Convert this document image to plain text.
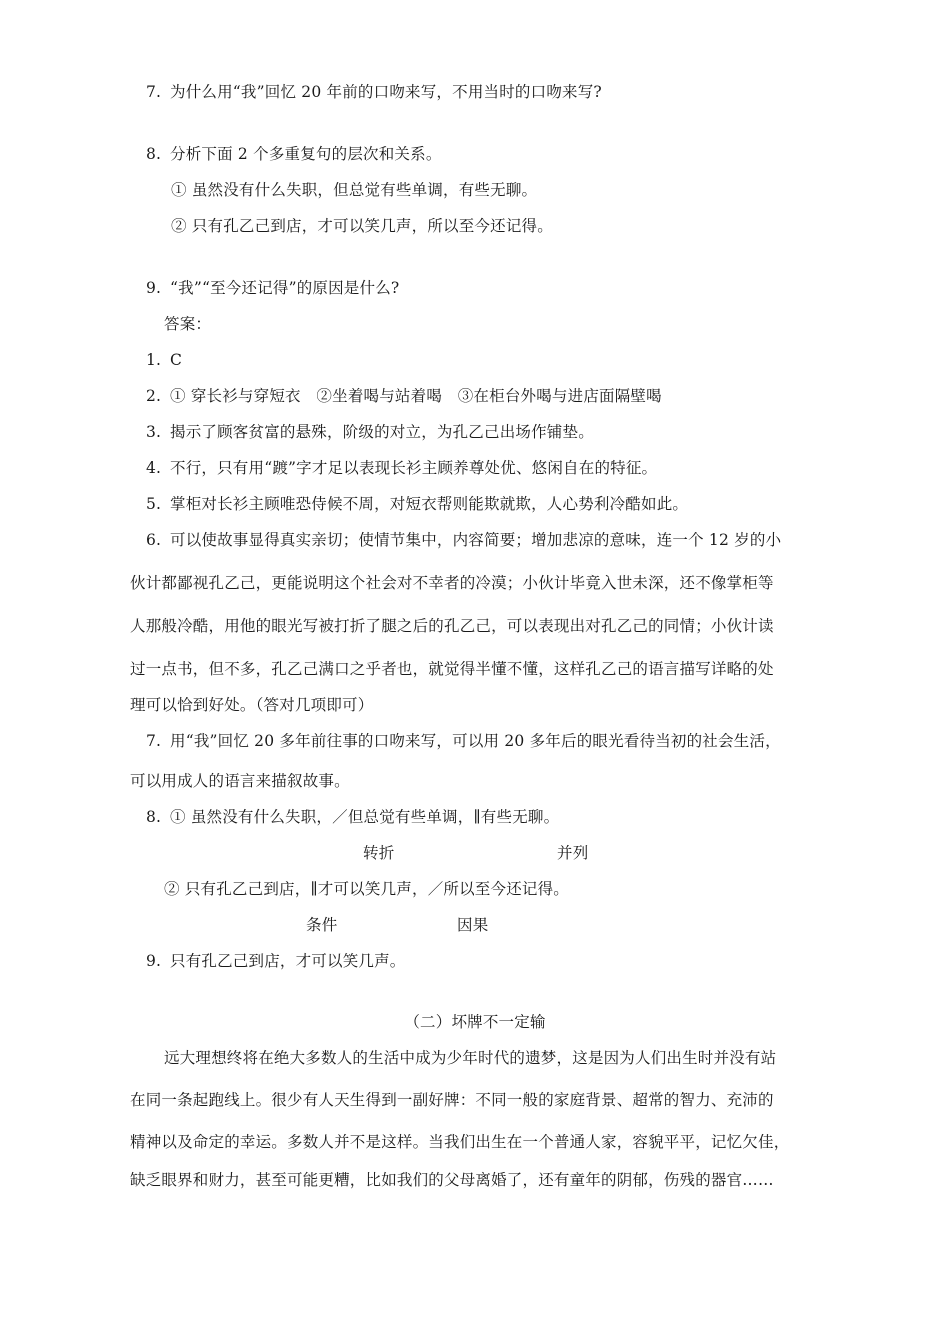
7. 为什么用“我”回忆 20 年前的口吻来写，不用当时的口吻来写?
8. 分析下面 2 个多重复句的层次和关系。
① 虽然没有什么失职，但总觉有些单调，有些无聊。
② 只有孔乙己到店，才可以笑几声，所以至今还记得。
9. “我”“至今还记得”的原因是什么?
答案：
1. C
2. ① 穿长衫与穿短衣　②坐着喝与站着喝　③在柜台外喝与进店面隔壁喝
3. 揭示了顾客贫富的悬殊，阶级的对立，为孔乙己出场作铺垫。
4. 不行，只有用“踱”字才足以表现长衫主顾养尊处优、悠闲自在的特征。
5. 掌柜对长衫主顾唯恐侍候不周，对短衣帮则能欺就欺，人心势利冷酷如此。
6. 可以使故事显得真实亲切；使情节集中，内容简要；增加悲凉的意味，连一个 12 岁的小
伙计都鄙视孔乙己，更能说明这个社会对不幸者的冷漠；小伙计毕竟入世未深，还不像掌柜等
人那般冷酷，用他的眼光写被打折了腿之后的孔乙己，可以表现出对孔乙己的同情；小伙计读
过一点书，但不多，孔乙己满口之乎者也，就觉得半懂不懂，这样孔乙己的语言描写详略的处
理可以恰到好处。（答对几项即可）
7. 用“我”回忆 20 多年前往事的口吻来写，可以用 20 多年后的眼光看待当初的社会生活，
可以用成人的语言来描叙故事。
8. ① 虽然没有什么失职，／但总觉有些单调，∥有些无聊。
转折	并列
② 只有孔乙己到店，∥才可以笑几声，／所以至今还记得。
条件	因果
9. 只有孔乙己到店，才可以笑几声。
（二）坏牌不一定输
远大理想终将在绝大多数人的生活中成为少年时代的遗梦，这是因为人们出生时并没有站
在同一条起跑线上。很少有人天生得到一副好牌：不同一般的家庭背景、超常的智力、充沛的
精神以及命定的幸运。多数人并不是这样。当我们出生在一个普通人家，容貌平平，记忆欠佳，
缺乏眼界和财力，甚至可能更糟，比如我们的父母离婚了，还有童年的阴郁，伤残的器官……
